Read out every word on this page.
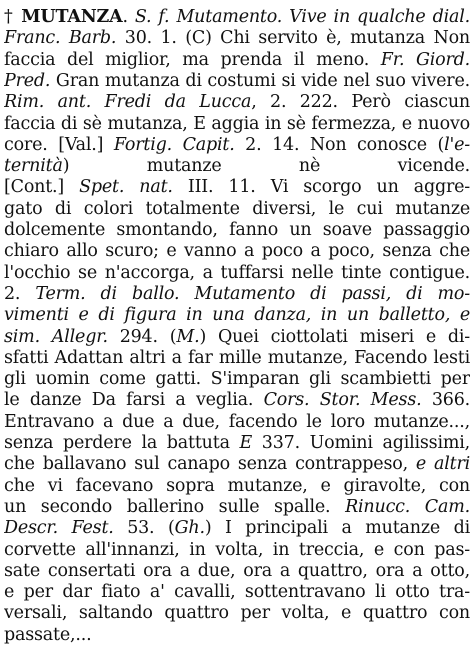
† MUTANZA. S. f. Mutamento. Vive in qualche dial.
Franc. Barb. 30. 1. (C) Chi servito è, mutanza Non
faccia del miglior, ma prenda il meno. Fr. Giord.
Pred. Gran mutanza di costumi si vide nel suo vivere.
Rim. ant. Fredi da Lucca, 2. 222. Però ciascun
faccia di sè mutanza, E aggia in sè fermezza, e nuovo
core. [Val.] Fortig. Capit. 2. 14. Non conosce (l'e-
ternità) mutanze nè vicende.
[Cont.] Spet. nat. III. 11. Vi scorgo un aggre-
gato di colori totalmente diversi, le cui mutanze
dolcemente smontando, fanno un soave passaggio
chiaro allo scuro; e vanno a poco a poco, senza che
l'occhio se n'accorga, a tuffarsi nelle tinte contigue.
2. Term. di ballo. Mutamento di passi, di mo-
vimenti e di figura in una danza, in un balletto, e
sim. Allegr. 294. (M.) Quei ciottolati miseri e di-
sfatti Adattan altri a far mille mutanze, Facendo lesti
gli uomin come gatti. S'imparan gli scambietti per
le danze Da farsi a veglia. Cors. Stor. Mess. 366.
Entravano a due a due, facendo le loro mutanze...,
senza perdere la battuta E 337. Uomini agilissimi,
che ballavano sul canapo senza contrappeso, e altri
che vi facevano sopra mutanze, e giravolte, con
un secondo ballerino sulle spalle. Rinucc. Cam.
Descr. Fest. 53. (Gh.) I principali a mutanze di
corvette all'innanzi, in volta, in treccia, e con pas-
sate consertati ora a due, ora a quattro, ora a otto,
e per dar fiato a' cavalli, sottentravano li otto tra-
versali, saltando quattro per volta, e quattro con
passate,...
